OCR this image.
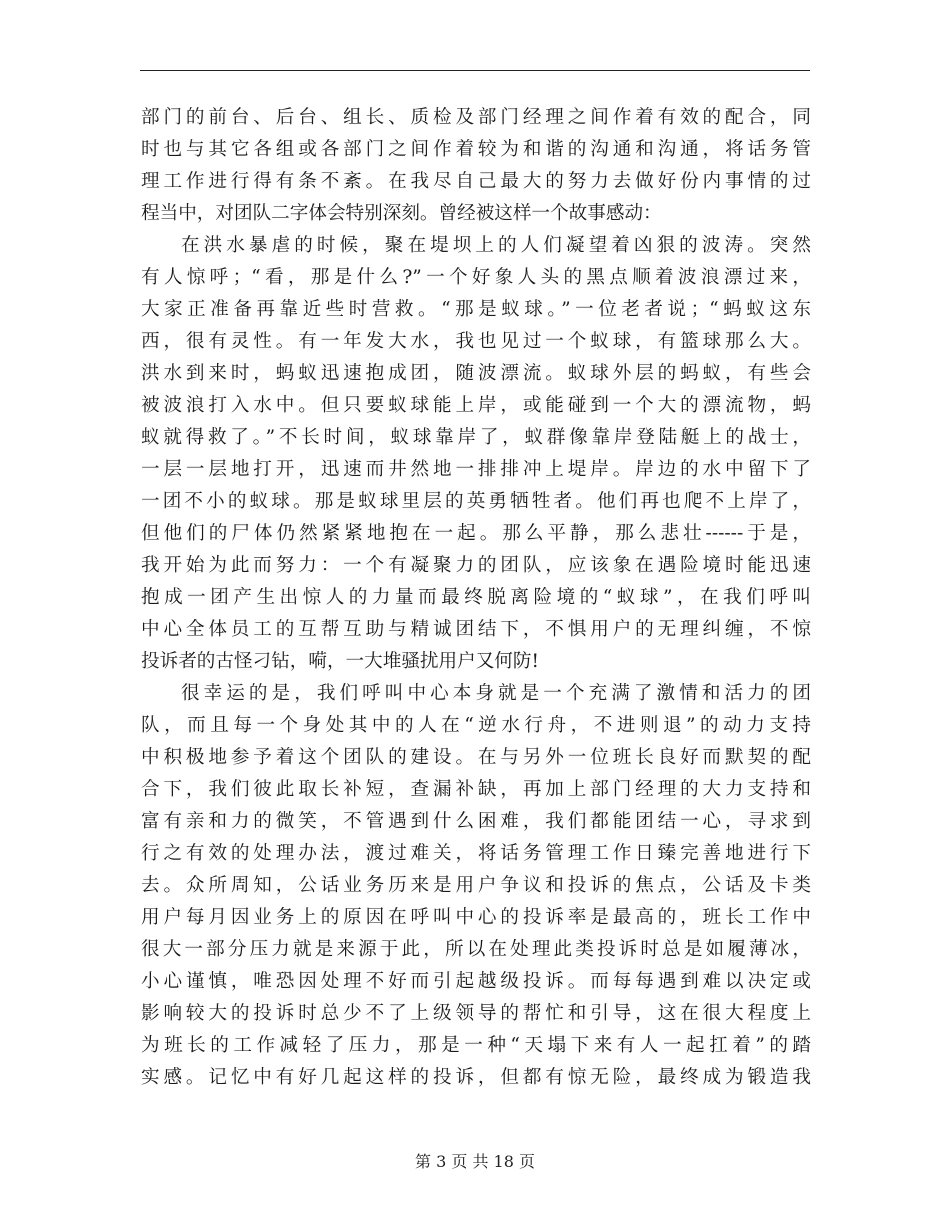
部门的前台、后台、组长、质检及部门经理之间作着有效的配合，同
时也与其它各组或各部门之间作着较为和谐的沟通和沟通，将话务管
理工作进行得有条不紊。在我尽自己最大的努力去做好份内事情的过
程当中，对团队二字体会特别深刻。曾经被这样一个故事感动：
在洪水暴虐的时候，聚在堤坝上的人们凝望着凶狠的波涛。突然
有人惊呼；“看，那是什么?”一个好象人头的黑点顺着波浪漂过来，
大家正准备再靠近些时营救。“那是蚁球。”一位老者说；“蚂蚁这东
西，很有灵性。有一年发大水，我也见过一个蚁球，有篮球那么大。
洪水到来时，蚂蚁迅速抱成团，随波漂流。蚁球外层的蚂蚁，有些会
被波浪打入水中。但只要蚁球能上岸，或能碰到一个大的漂流物，蚂
蚁就得救了。”不长时间，蚁球靠岸了，蚁群像靠岸登陆艇上的战士，
一层一层地打开，迅速而井然地一排排冲上堤岸。岸边的水中留下了
一团不小的蚁球。那是蚁球里层的英勇牺牲者。他们再也爬不上岸了，
但他们的尸体仍然紧紧地抱在一起。那么平静，那么悲壮------于是，
我开始为此而努力：一个有凝聚力的团队，应该象在遇险境时能迅速
抱成一团产生出惊人的力量而最终脱离险境的“蚁球”，在我们呼叫
中心全体员工的互帮互助与精诚团结下，不惧用户的无理纠缠，不惊
投诉者的古怪刁钻，嗬，一大堆骚扰用户又何防!
很幸运的是，我们呼叫中心本身就是一个充满了激情和活力的团
队，而且每一个身处其中的人在“逆水行舟，不进则退”的动力支持
中积极地参予着这个团队的建设。在与另外一位班长良好而默契的配
合下，我们彼此取长补短，查漏补缺，再加上部门经理的大力支持和
富有亲和力的微笑，不管遇到什么困难，我们都能团结一心，寻求到
行之有效的处理办法，渡过难关，将话务管理工作日臻完善地进行下
去。众所周知，公话业务历来是用户争议和投诉的焦点，公话及卡类
用户每月因业务上的原因在呼叫中心的投诉率是最高的，班长工作中
很大一部分压力就是来源于此，所以在处理此类投诉时总是如履薄冰，
小心谨慎，唯恐因处理不好而引起越级投诉。而每每遇到难以决定或
影响较大的投诉时总少不了上级领导的帮忙和引导，这在很大程度上
为班长的工作减轻了压力，那是一种“天塌下来有人一起扛着”的踏
实感。记忆中有好几起这样的投诉，但都有惊无险，最终成为锻造我
第 3 页 共 18 页
